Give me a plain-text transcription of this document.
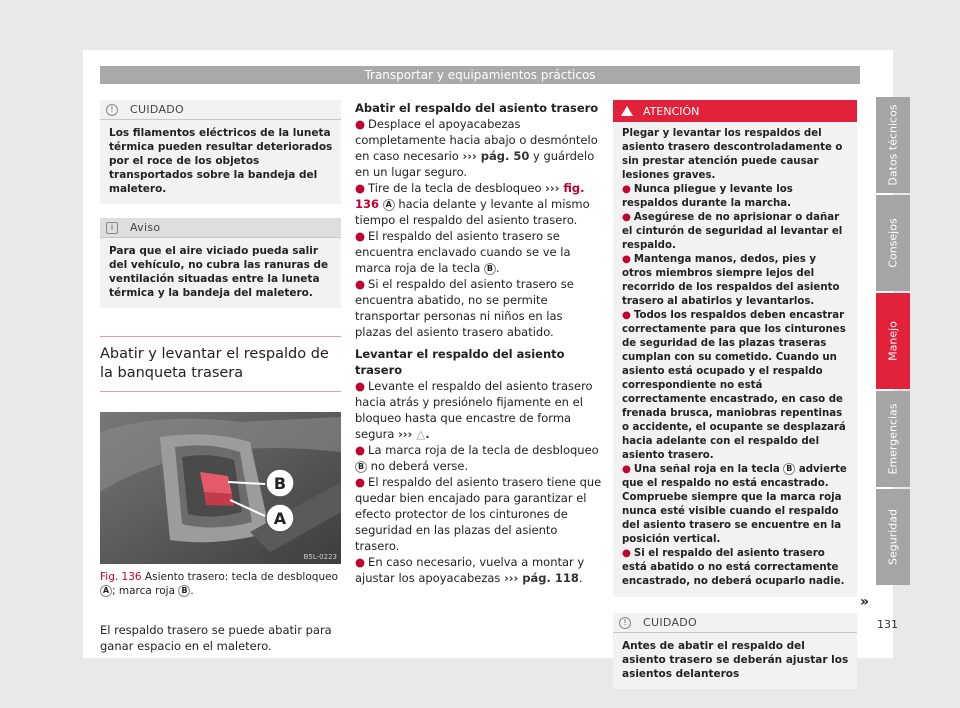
Transportar y equipamientos prácticos
!	CUIDADO
Los filamentos eléctricos de la luneta térmica pueden resultar deteriorados por el roce de los objetos transportados sobre la bandeja del maletero.
i	Aviso
Para que el aire viciado pueda salir del vehículo, no cubra las ranuras de ventilación situadas entre la luneta térmica y la bandeja del maletero.
Abatir y levantar el respaldo de la banqueta trasera
B
A
B5L-0223
Fig. 136 Asiento trasero: tecla de desbloqueo
A ; marca roja B .
El respaldo trasero se puede abatir para ganar espacio en el maletero.
Abatir el respaldo del asiento trasero
● Desplace el apoyacabezas completamente hacia abajo o desmóntelo en caso necesario ››› pág. 50 y guárdelo en un lugar seguro.
● Tire de la tecla de desbloqueo ››› fig. 136 A hacia delante y levante al mismo tiempo el respaldo del asiento trasero.
● El respaldo del asiento trasero se encuentra enclavado cuando se ve la marca roja de la tecla B .
● Si el respaldo del asiento trasero se encuentra abatido, no se permite transportar personas ni niños en las plazas del asiento trasero abatido.
Levantar el respaldo del asiento trasero
● Levante el respaldo del asiento trasero hacia atrás y presiónelo fijamente en el bloqueo hasta que encastre de forma segura ››› △.
● La marca roja de la tecla de desbloqueo B no deberá verse.
● El respaldo del asiento trasero tiene que quedar bien encajado para garantizar el efecto protector de los cinturones de seguridad en las plazas del asiento trasero.
● En caso necesario, vuelva a montar y ajustar los apoyacabezas ››› pág. 118.
ATENCIÓN
Plegar y levantar los respaldos del asiento trasero descontroladamente o sin prestar atención puede causar lesiones graves.
● Nunca pliegue y levante los respaldos durante la marcha.
● Asegúrese de no aprisionar o dañar el cinturón de seguridad al levantar el respaldo.
● Mantenga manos, dedos, pies y otros miembros siempre lejos del recorrido de los respaldos del asiento trasero al abatirlos y levantarlos.
● Todos los respaldos deben encastrar correctamente para que los cinturones de seguridad de las plazas traseras cumplan con su cometido. Cuando un asiento está ocupado y el respaldo correspondiente no está correctamente encastrado, en caso de frenada brusca, maniobras repentinas o accidente, el ocupante se desplazará hacia adelante con el respaldo del asiento trasero.
● Una señal roja en la tecla B advierte que el respaldo no está encastrado. Compruebe siempre que la marca roja nunca esté visible cuando el respaldo del asiento trasero se encuentre en la posición vertical.
● Si el respaldo del asiento trasero está abatido o no está correctamente encastrado, no deberá ocuparlo nadie.
!	CUIDADO
Antes de abatir el respaldo del asiento trasero se deberán ajustar los asientos delanteros
»
Datos técnicos
Consejos
Manejo
Emergencias
Seguridad
131
